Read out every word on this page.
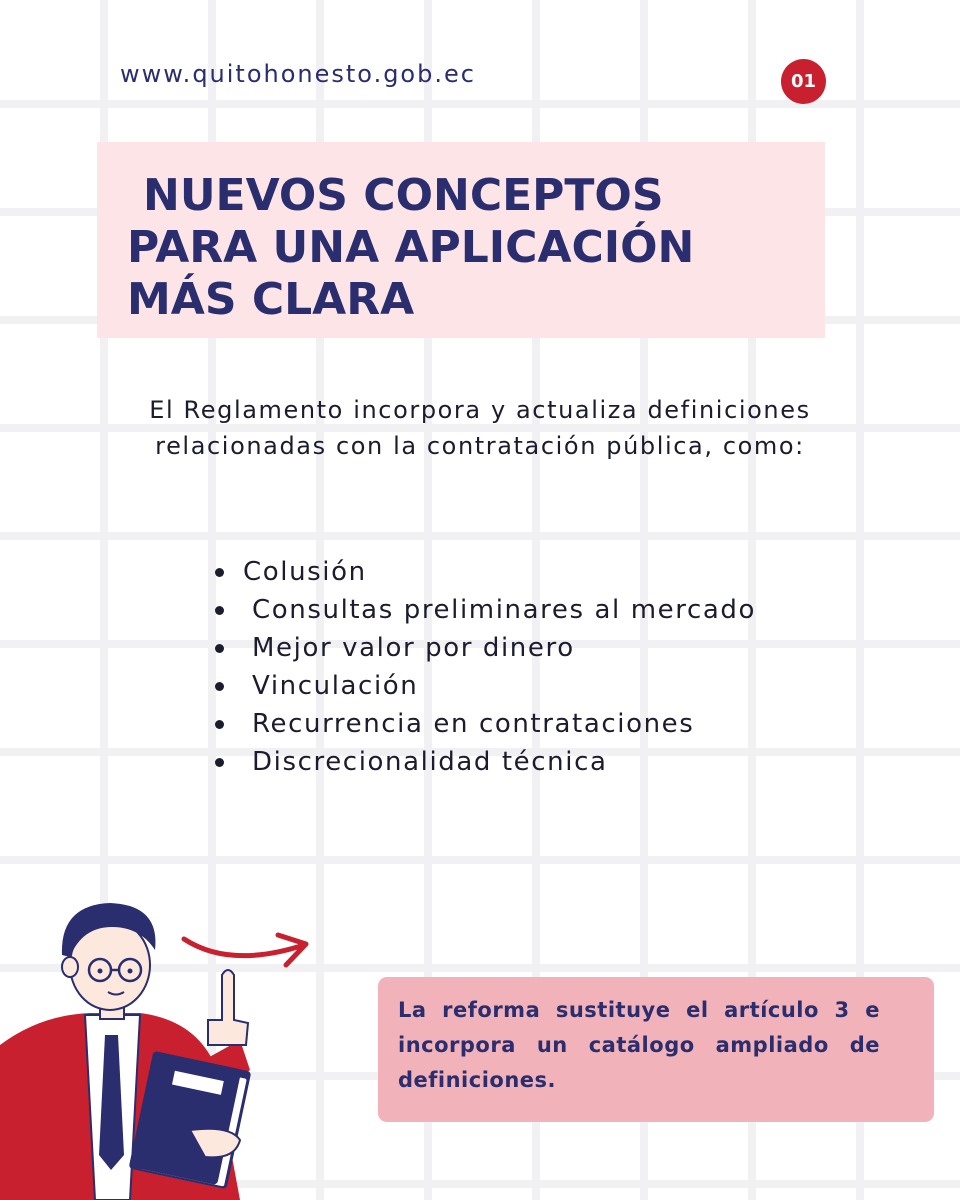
www.quitohonesto.gob.ec	01
NUEVOS CONCEPTOS
PARA UNA APLICACIÓN
MÁS CLARA
El Reglamento incorpora y actualiza definiciones
relacionadas con la contratación pública, como:
Colusión
Consultas preliminares al mercado
Mejor valor por dinero
Vinculación
Recurrencia en contrataciones
Discrecionalidad técnica
La reforma sustituye el artículo 3 e incorpora un catálogo ampliado de definiciones.
